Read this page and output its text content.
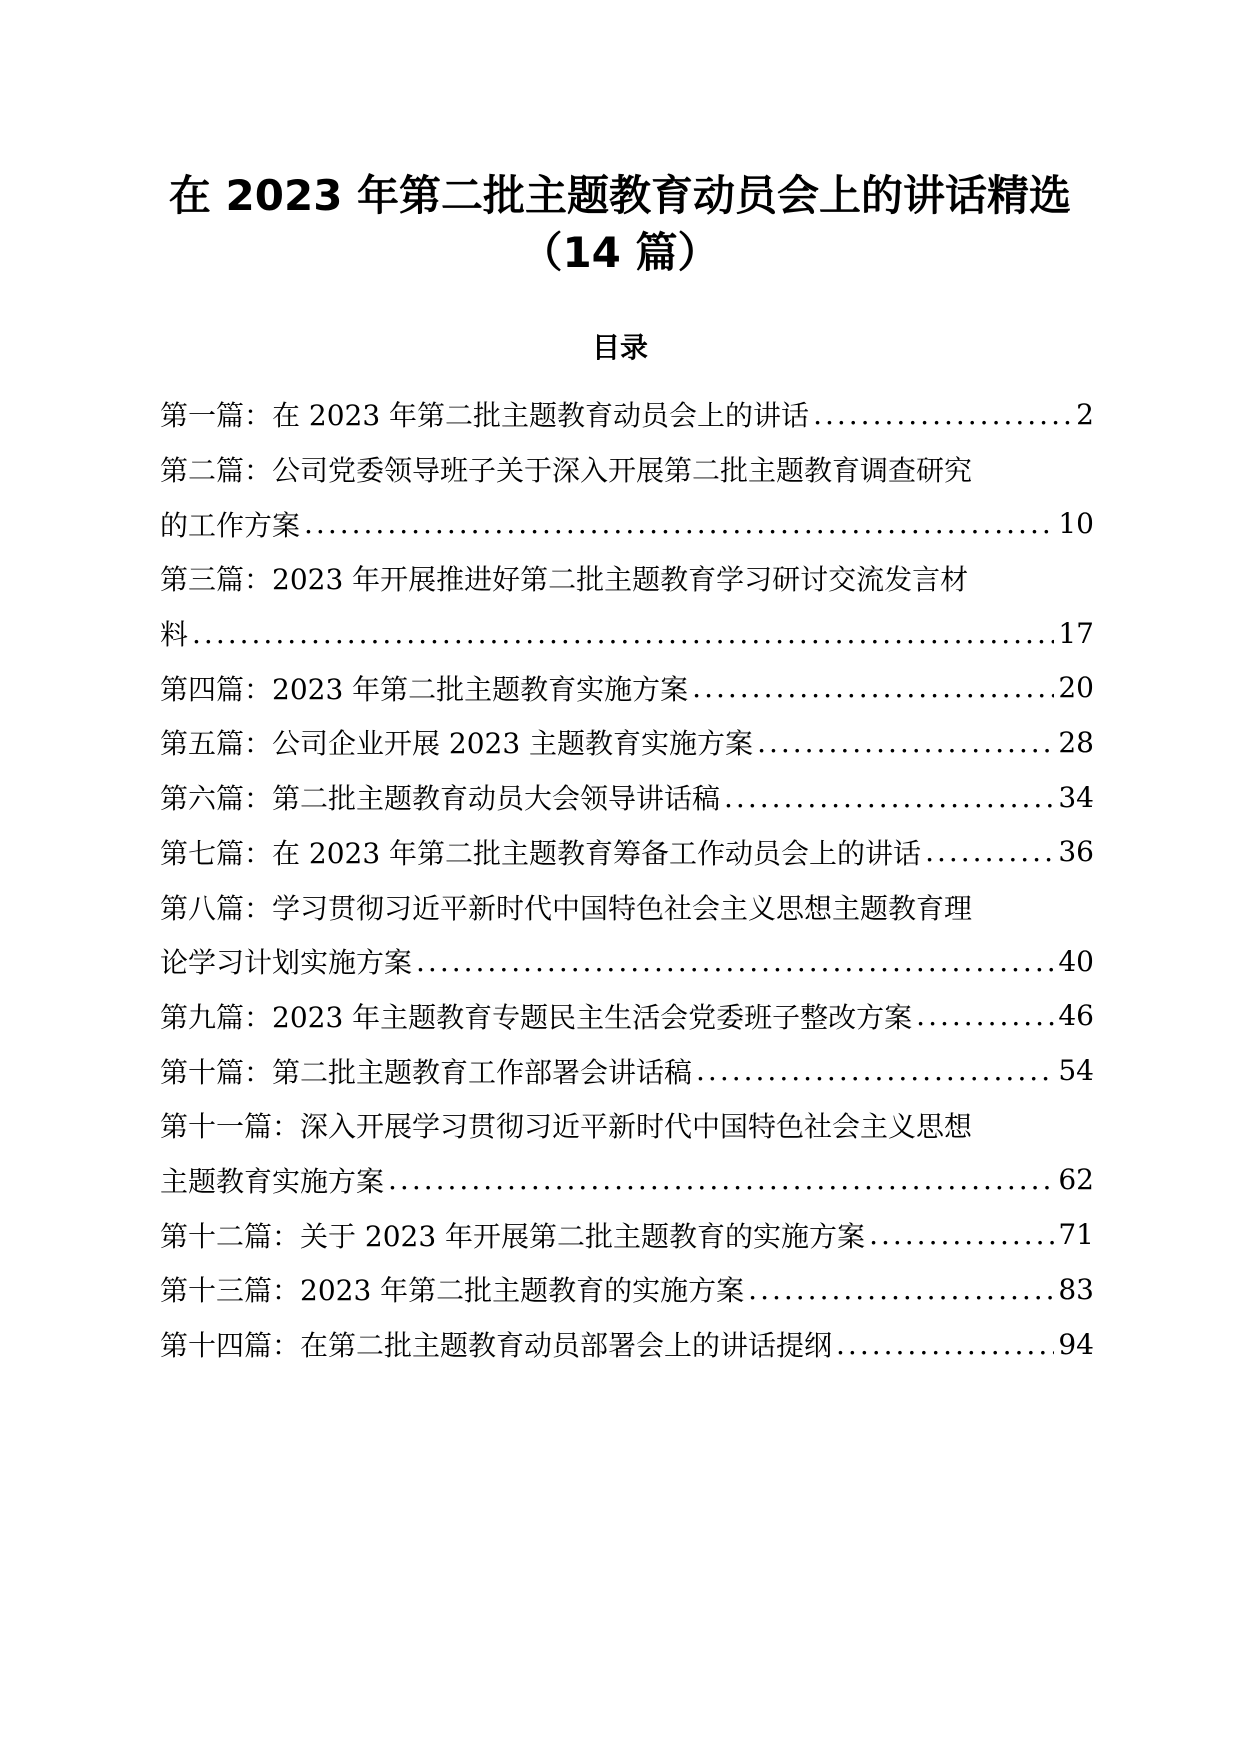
在 2023 年第二批主题教育动员会上的讲话精选
（14 篇）
目录
第一篇：在 2023 年第二批主题教育动员会上的讲话 .....	2
第二篇：公司党委领导班子关于深入开展第二批主题教育调查研究
的工作方案 .....	10
第三篇：2023 年开展推进好第二批主题教育学习研讨交流发言材
料 .....	17
第四篇：2023 年第二批主题教育实施方案 .....	20
第五篇：公司企业开展 2023 主题教育实施方案 .....	28
第六篇：第二批主题教育动员大会领导讲话稿 .....	34
第七篇：在 2023 年第二批主题教育筹备工作动员会上的讲话 .....	36
第八篇：学习贯彻习近平新时代中国特色社会主义思想主题教育理
论学习计划实施方案 .....	40
第九篇：2023 年主题教育专题民主生活会党委班子整改方案 .....	46
第十篇：第二批主题教育工作部署会讲话稿 .....	54
第十一篇：深入开展学习贯彻习近平新时代中国特色社会主义思想
主题教育实施方案 .....	62
第十二篇：关于 2023 年开展第二批主题教育的实施方案 .....	71
第十三篇：2023 年第二批主题教育的实施方案 .....	83
第十四篇：在第二批主题教育动员部署会上的讲话提纲 .....	94
